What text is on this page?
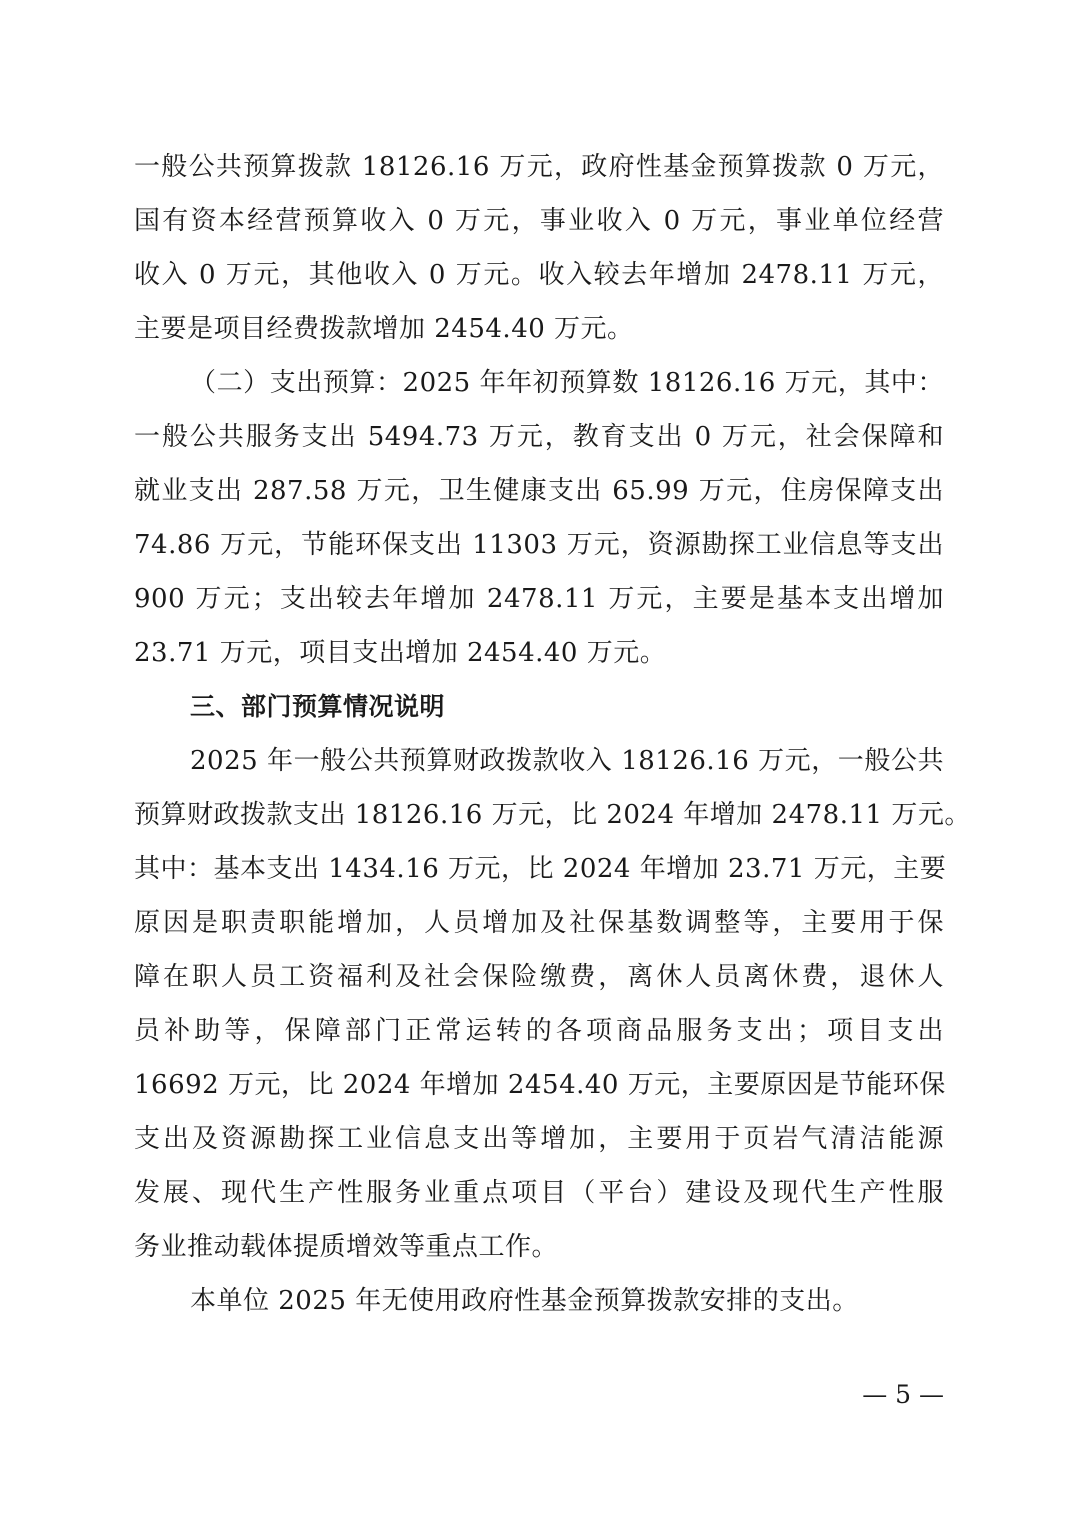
一般公共预算拨款 18126.16 万元，政府性基金预算拨款 0 万元，
国有资本经营预算收入 0 万元，事业收入 0 万元，事业单位经营
收入 0 万元，其他收入 0 万元。收入较去年增加 2478.11 万元，
主要是项目经费拨款增加 2454.40 万元。
（二）支出预算：2025 年年初预算数 18126.16 万元，其中：
一般公共服务支出 5494.73 万元，教育支出 0 万元，社会保障和
就业支出 287.58 万元，卫生健康支出 65.99 万元，住房保障支出
74.86 万元，节能环保支出 11303 万元，资源勘探工业信息等支出
900 万元；支出较去年增加 2478.11 万元，主要是基本支出增加
23.71 万元，项目支出增加 2454.40 万元。
三、部门预算情况说明
2025 年一般公共预算财政拨款收入 18126.16 万元，一般公共
预算财政拨款支出 18126.16 万元，比 2024 年增加 2478.11 万元。
其中：基本支出 1434.16 万元，比 2024 年增加 23.71 万元，主要
原因是职责职能增加，人员增加及社保基数调整等，主要用于保
障在职人员工资福利及社会保险缴费，离休人员离休费，退休人
员补助等，保障部门正常运转的各项商品服务支出；项目支出
16692 万元，比 2024 年增加 2454.40 万元，主要原因是节能环保
支出及资源勘探工业信息支出等增加，主要用于页岩气清洁能源
发展、现代生产性服务业重点项目（平台）建设及现代生产性服
务业推动载体提质增效等重点工作。
本单位 2025 年无使用政府性基金预算拨款安排的支出。
— 5 —
